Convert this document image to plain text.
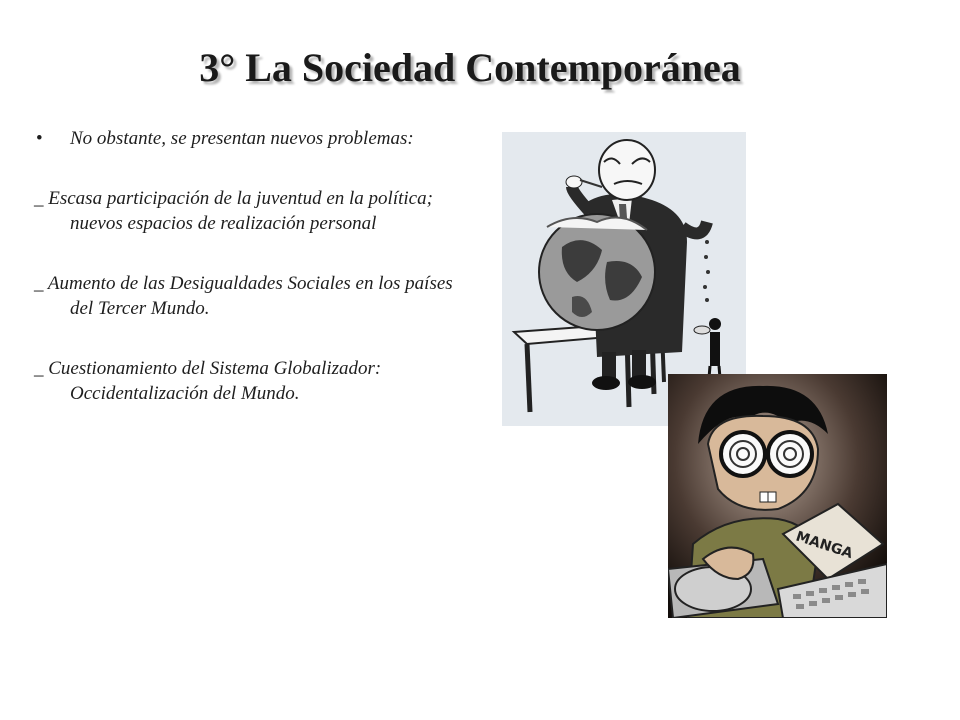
3° La Sociedad Contemporánea
• No obstante, se presentan nuevos problemas:
_ Escasa participación de la juventud en la política; nuevos espacios de realización personal
_ Aumento de las Desigualdades Sociales en los países del Tercer Mundo.
_ Cuestionamiento del Sistema Globalizador: Occidentalización del Mundo.
MANGA
